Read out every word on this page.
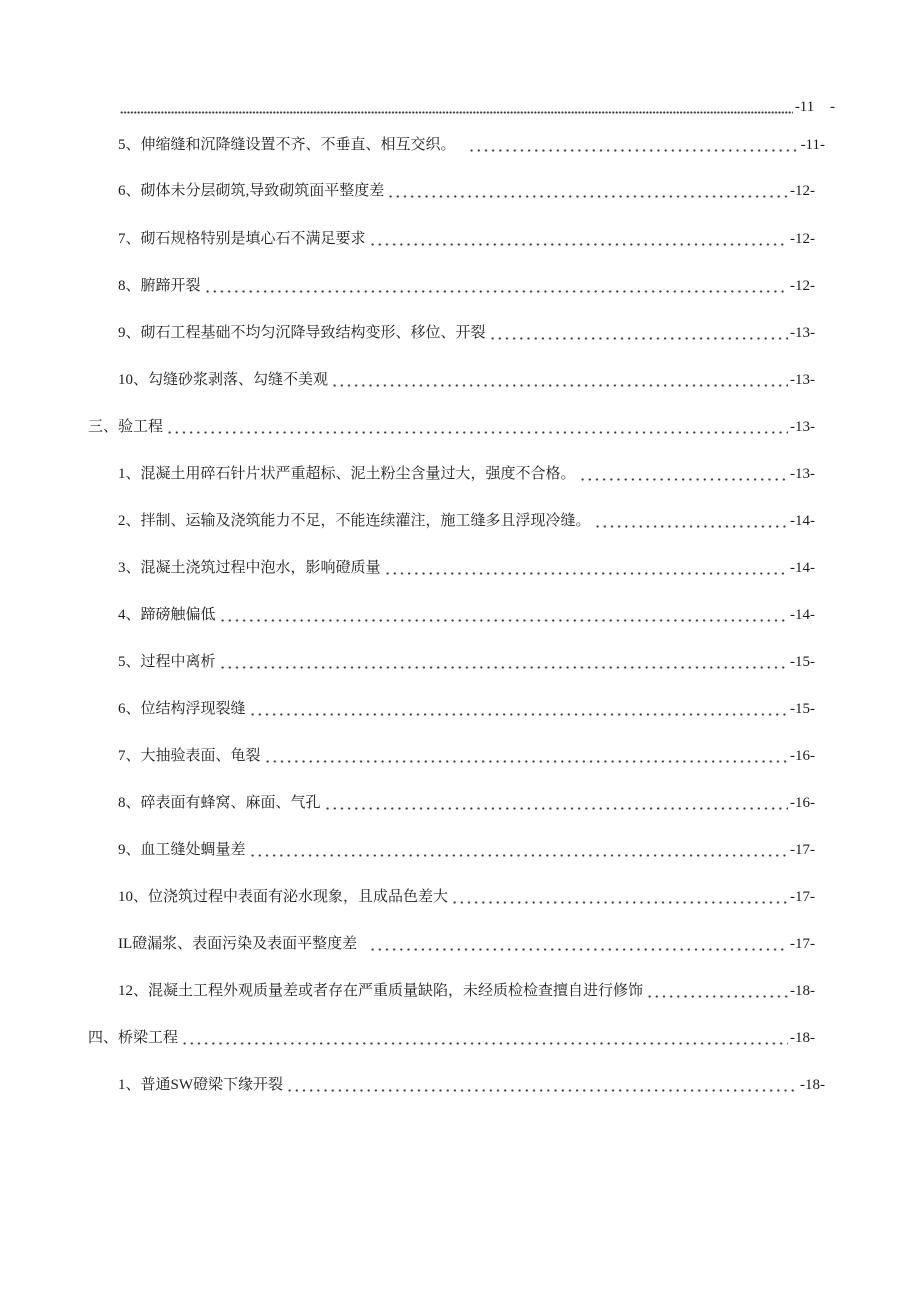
-11 -
5、伸缩缝和沉降缝设置不齐、不垂直、相互交织。	-11-
6、砌体未分层砌筑,导致砌筑面平整度差	-12-
7、砌石规格特别是填心石不满足要求	-12-
8、腑蹄开裂	-12-
9、砌石工程基础不均匀沉降导致结构变形、移位、开裂	-13-
10、勾缝砂浆剥落、勾缝不美观	-13-
三、验工程	-13-
1、混凝土用碎石针片状严重超标、泥土粉尘含量过大，强度不合格。	-13-
2、拌制、运输及浇筑能力不足，不能连续灌注，施工缝多且浮现冷缝。	-14-
3、混凝土浇筑过程中泡水，影响磴质量	-14-
4、蹄磅触偏低	-14-
5、过程中离析	-15-
6、位结构浮现裂缝	-15-
7、大抽验表面、龟裂	-16-
8、碎表面有蜂窝、麻面、气孔	-16-
9、血工缝处蜩量差	-17-
10、位浇筑过程中表面有泌水现象，且成品色差大	-17-
IL磴漏浆、表面污染及表面平整度差	-17-
12、混凝土工程外观质量差或者存在严重质量缺陷，未经质检检查擅自进行修饰	-18-
四、桥梁工程	-18-
1、普通SW磴梁下缘开裂	-18-
